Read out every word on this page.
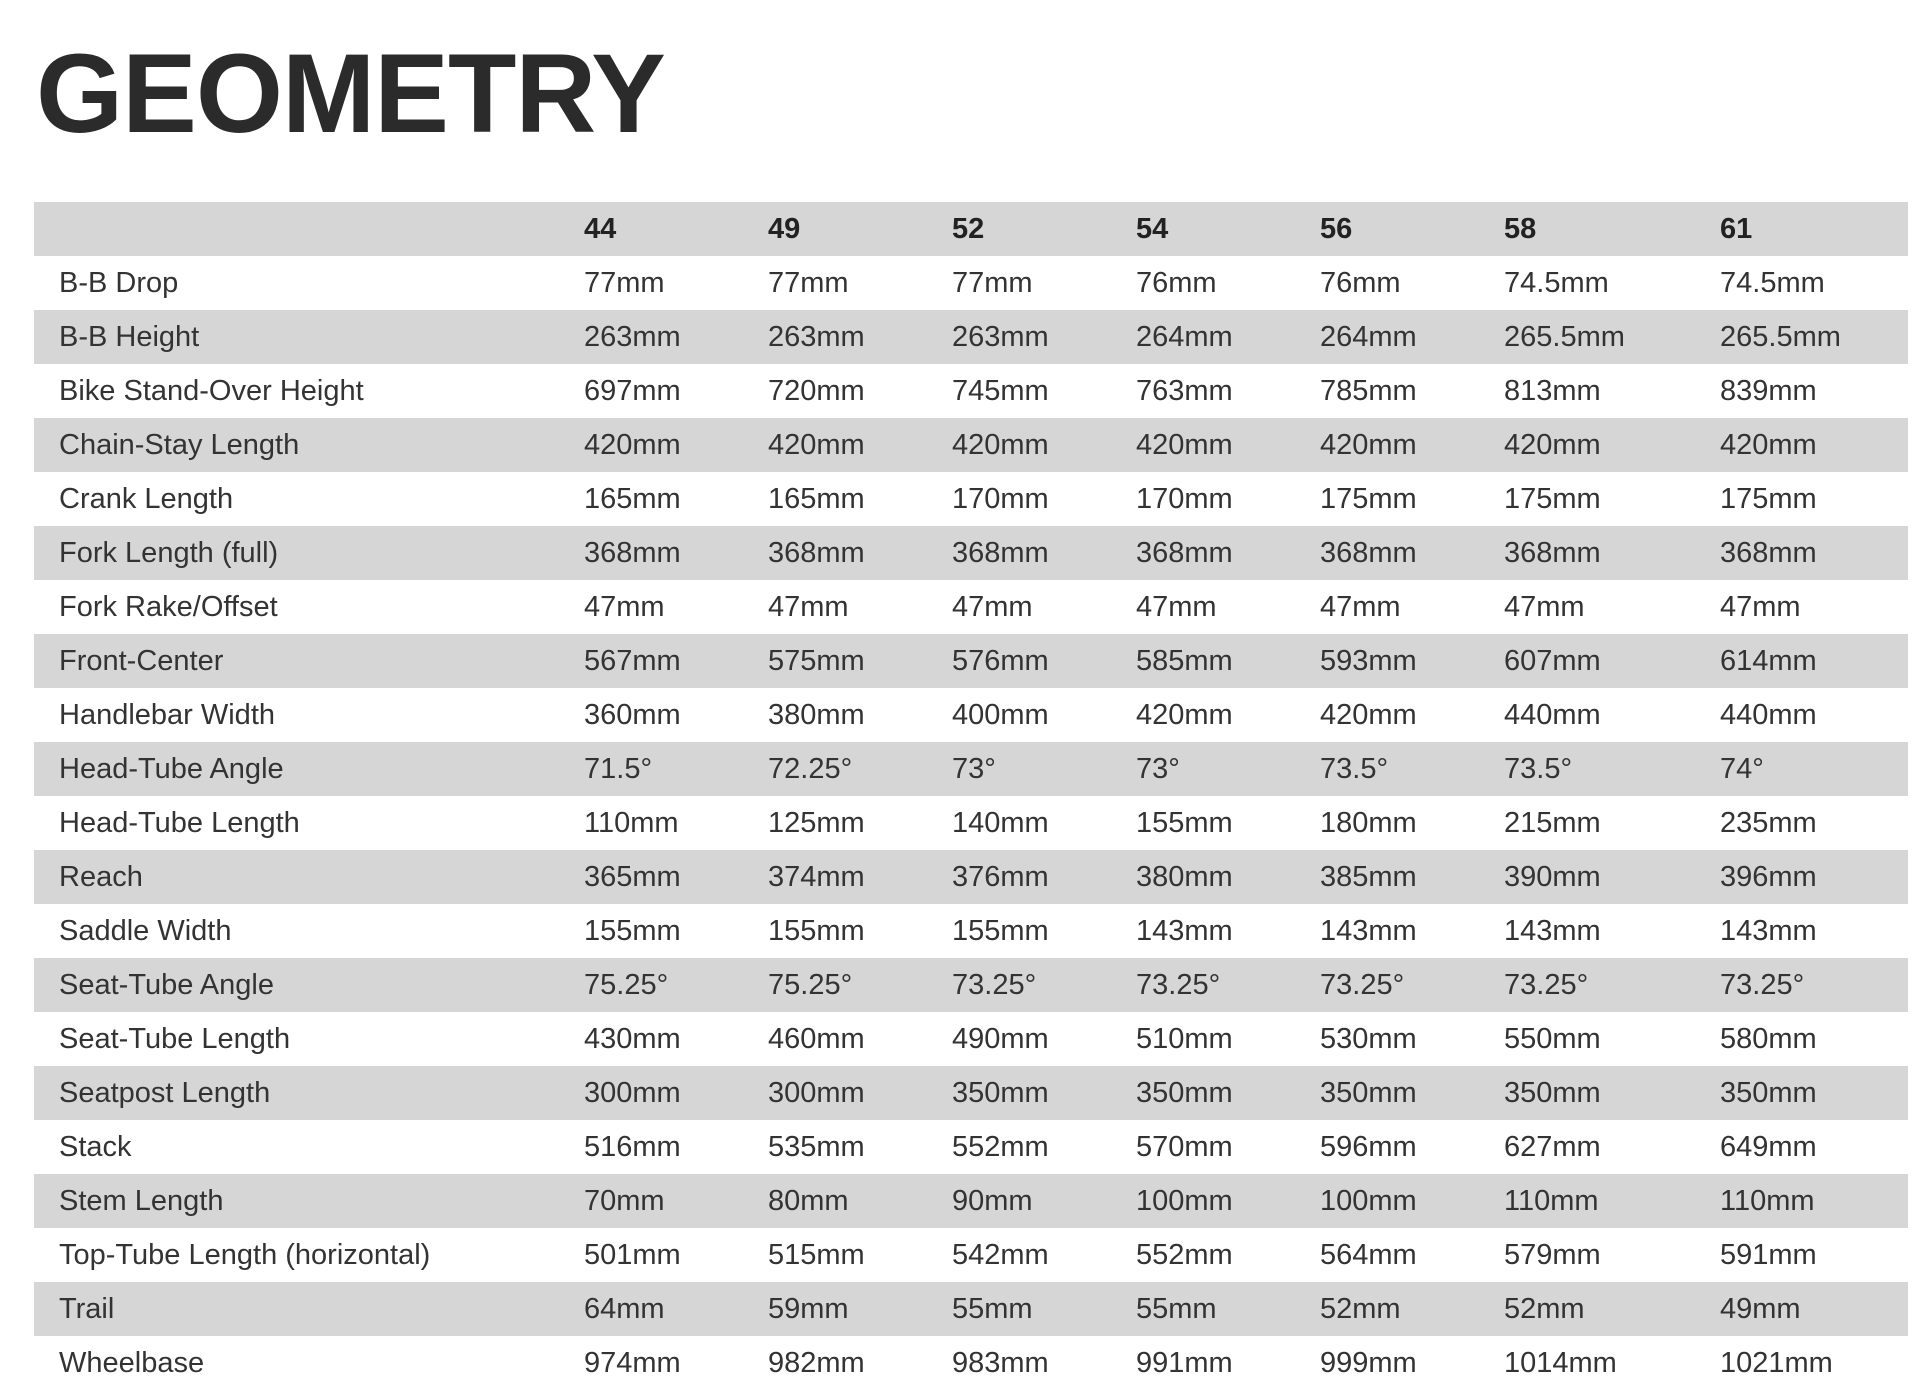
GEOMETRY
	44	49	52	54	56	58	61
B-B Drop	77mm	77mm	77mm	76mm	76mm	74.5mm	74.5mm
B-B Height	263mm	263mm	263mm	264mm	264mm	265.5mm	265.5mm
Bike Stand-Over Height	697mm	720mm	745mm	763mm	785mm	813mm	839mm
Chain-Stay Length	420mm	420mm	420mm	420mm	420mm	420mm	420mm
Crank Length	165mm	165mm	170mm	170mm	175mm	175mm	175mm
Fork Length (full)	368mm	368mm	368mm	368mm	368mm	368mm	368mm
Fork Rake/Offset	47mm	47mm	47mm	47mm	47mm	47mm	47mm
Front-Center	567mm	575mm	576mm	585mm	593mm	607mm	614mm
Handlebar Width	360mm	380mm	400mm	420mm	420mm	440mm	440mm
Head-Tube Angle	71.5°	72.25°	73°	73°	73.5°	73.5°	74°
Head-Tube Length	110mm	125mm	140mm	155mm	180mm	215mm	235mm
Reach	365mm	374mm	376mm	380mm	385mm	390mm	396mm
Saddle Width	155mm	155mm	155mm	143mm	143mm	143mm	143mm
Seat-Tube Angle	75.25°	75.25°	73.25°	73.25°	73.25°	73.25°	73.25°
Seat-Tube Length	430mm	460mm	490mm	510mm	530mm	550mm	580mm
Seatpost Length	300mm	300mm	350mm	350mm	350mm	350mm	350mm
Stack	516mm	535mm	552mm	570mm	596mm	627mm	649mm
Stem Length	70mm	80mm	90mm	100mm	100mm	110mm	110mm
Top-Tube Length (horizontal)	501mm	515mm	542mm	552mm	564mm	579mm	591mm
Trail	64mm	59mm	55mm	55mm	52mm	52mm	49mm
Wheelbase	974mm	982mm	983mm	991mm	999mm	1014mm	1021mm
